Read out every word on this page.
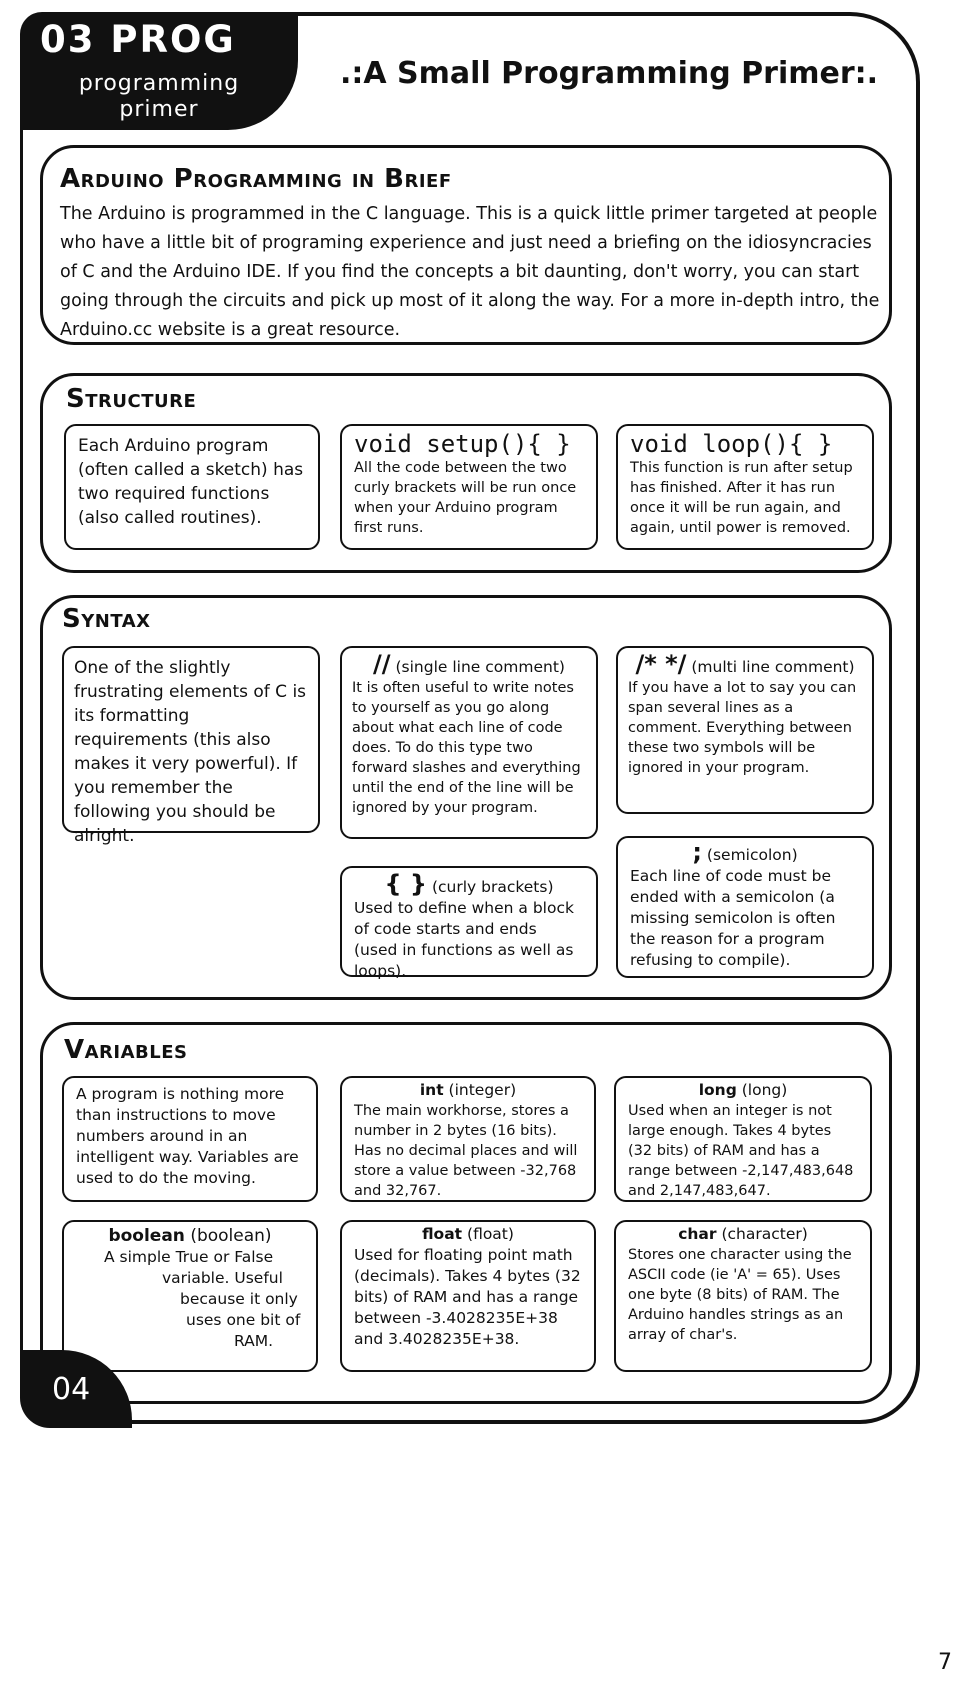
03 PROG
programming
primer
.:A Small Programming Primer:.
Arduino Programming in Brief
The Arduino is programmed in the C language. This is a quick little primer targeted at people who have a little bit of programing experience and just need a briefing on the idiosyncracies of C and the Arduino IDE. If you find the concepts a bit daunting, don't worry, you can start going through the circuits and pick up most of it along the way. For a more in-depth intro, the Arduino.cc website is a great resource.
Structure
Each Arduino program (often called a sketch) has two required functions (also called routines).
void setup(){ }
All the code between the two curly brackets will be run once when your Arduino program first runs.
void loop(){ }
This function is run after setup has finished. After it has run once it will be run again, and again, until power is removed.
Syntax
One of the slightly frustrating elements of C is its formatting requirements (this also makes it very powerful). If you remember the following you should be alright.
// (single line comment)
It is often useful to write notes to yourself as you go along about what each line of code does. To do this type two forward slashes and everything until the end of the line will be ignored by your program.
/* */ (multi line comment)
If you have a lot to say you can span several lines as a comment. Everything between these two symbols will be ignored in your program.
{ } (curly brackets)
Used to define when a block of code starts and ends (used in functions as well as loops).
; (semicolon)
Each line of code must be ended with a semicolon (a missing semicolon is often the reason for a program refusing to compile).
Variables
A program is nothing more than instructions to move numbers around in an intelligent way. Variables are used to do the moving.
int (integer)
The main workhorse, stores a number in 2 bytes (16 bits). Has no decimal places and will store a value between -32,768 and 32,767.
long (long)
Used when an integer is not large enough. Takes 4 bytes (32 bits) of RAM and has a range between -2,147,483,648 and 2,147,483,647.
boolean (boolean)
A simple True or False
variable. Useful
because it only
uses one bit of
RAM.
float (float)
Used for floating point math (decimals). Takes 4 bytes (32 bits) of RAM and has a range between -3.4028235E+38 and 3.4028235E+38.
char (character)
Stores one character using the ASCII code (ie 'A' = 65). Uses one byte (8 bits) of RAM. The Arduino handles strings as an array of char's.
04
7
